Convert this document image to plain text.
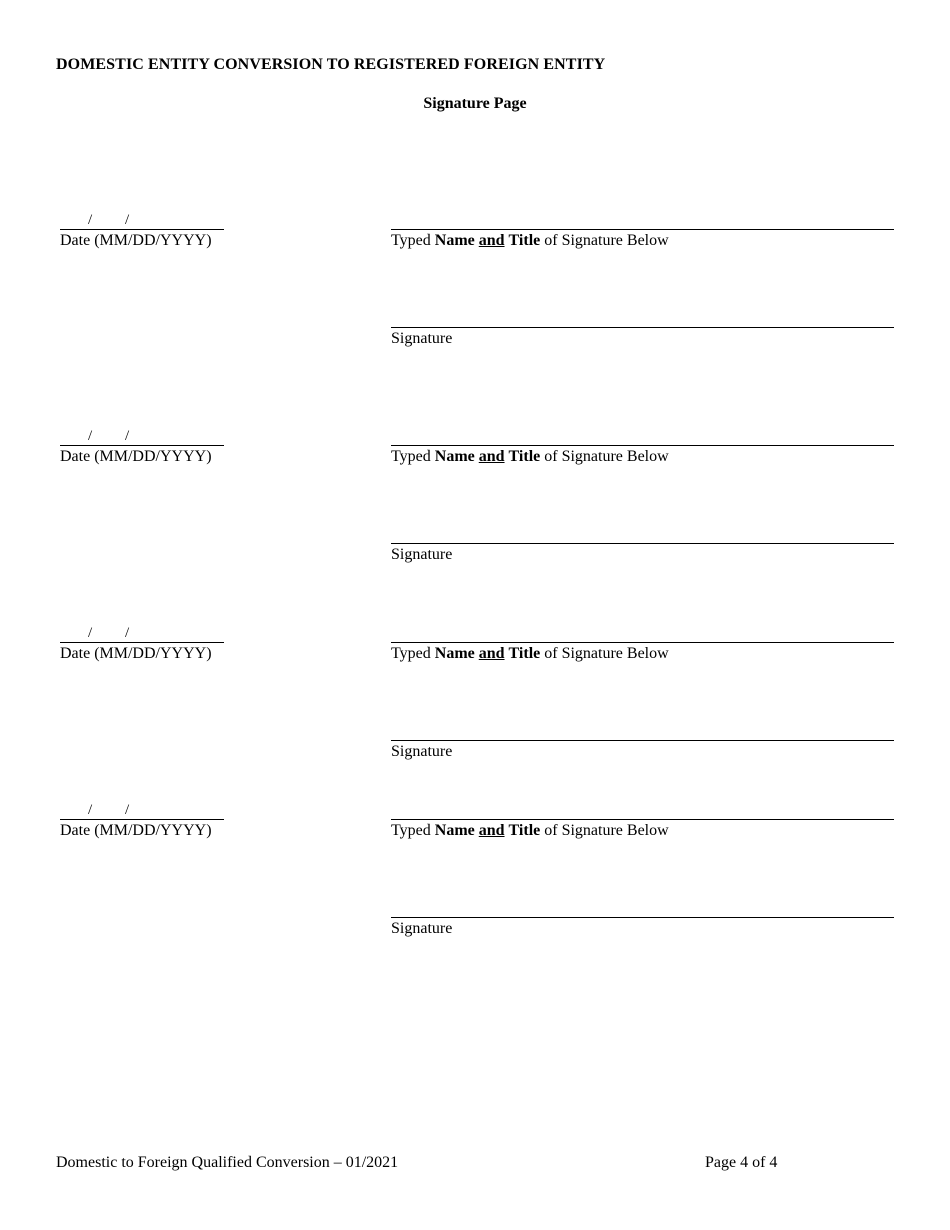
DOMESTIC ENTITY CONVERSION TO REGISTERED FOREIGN ENTITY
Signature Page
/ /
Date (MM/DD/YYYY)	Typed Name and Title of Signature Below
Signature
/ /
Date (MM/DD/YYYY)	Typed Name and Title of Signature Below
Signature
/ /
Date (MM/DD/YYYY)	Typed Name and Title of Signature Below
Signature
/ /
Date (MM/DD/YYYY)	Typed Name and Title of Signature Below
Signature
Domestic to Foreign Qualified Conversion – 01/2021	Page 4 of 4
